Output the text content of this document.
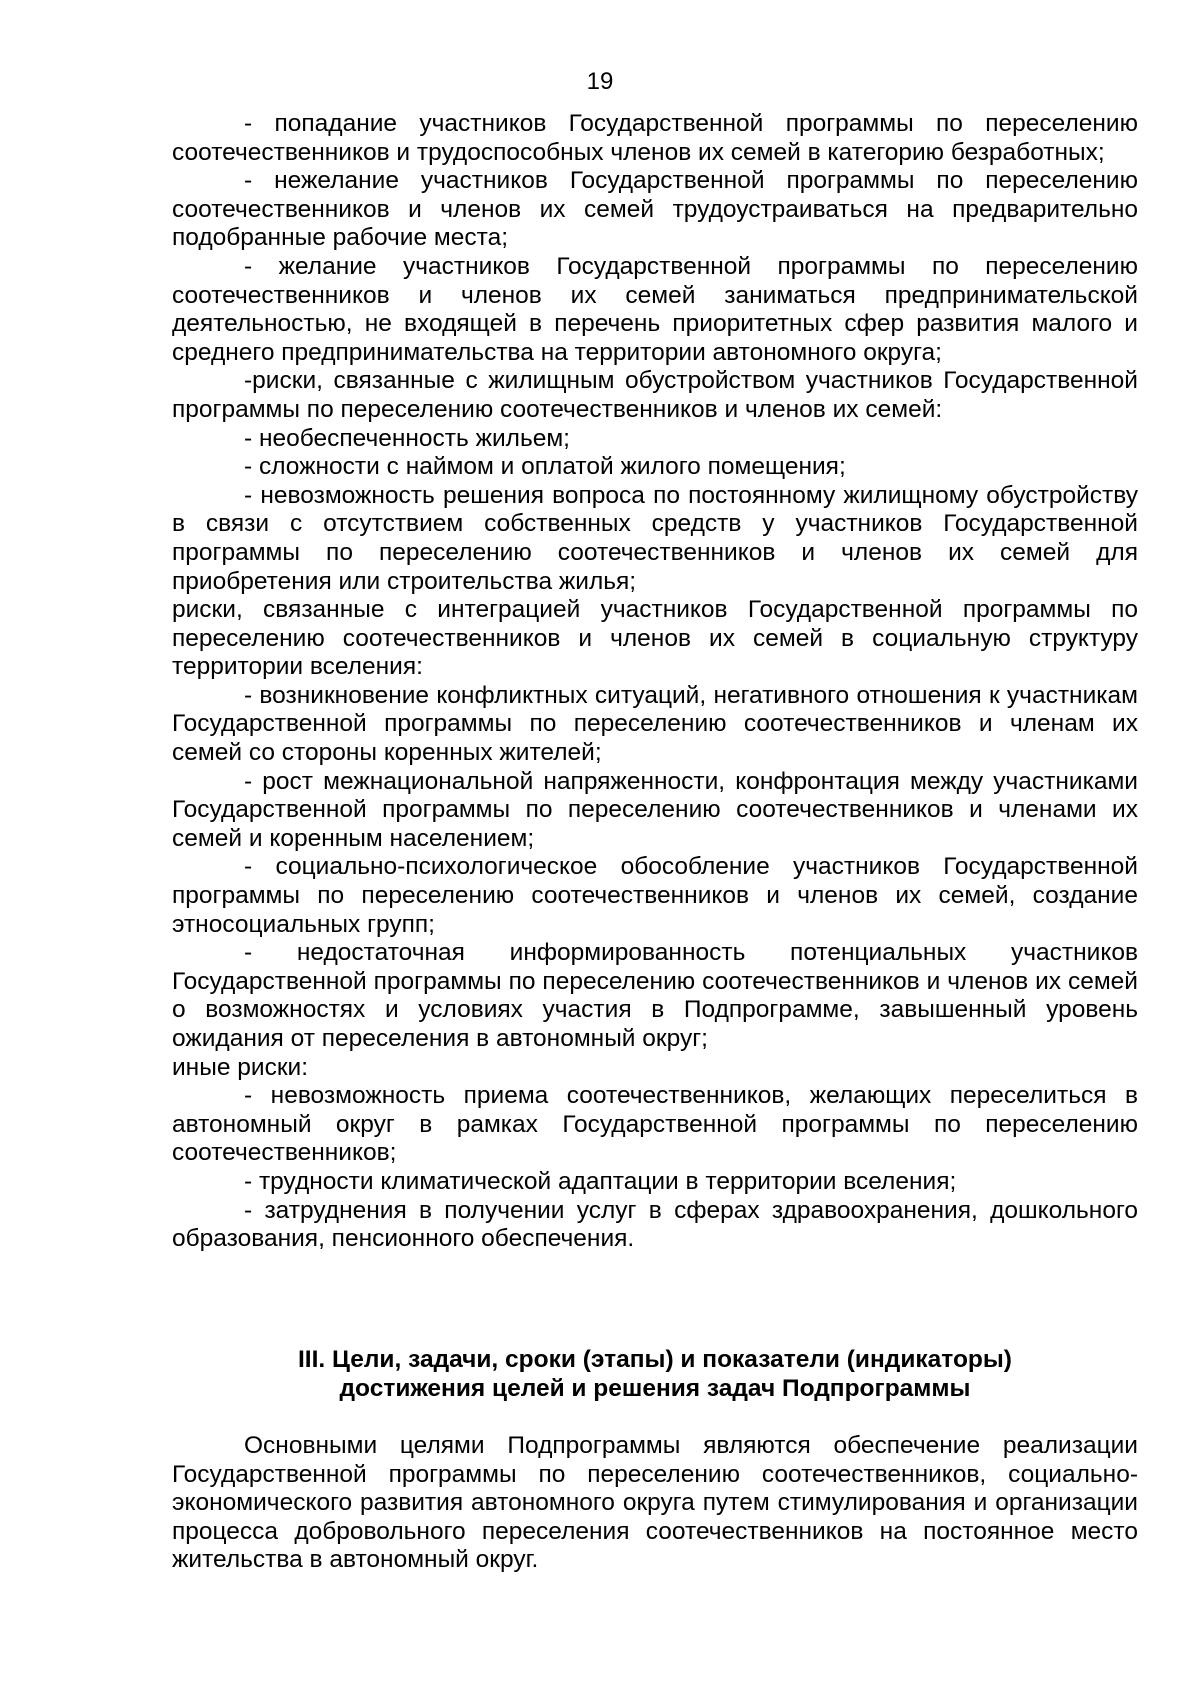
19

- попадание участников Государственной программы по переселению соотечественников и трудоспособных членов их семей в категорию безработных;

- нежелание участников Государственной программы по переселению соотечественников и членов их семей трудоустраиваться на предварительно подобранные рабочие места;

- желание участников Государственной программы по переселению соотечественников и членов их семей заниматься предпринимательской деятельностью, не входящей в перечень приоритетных сфер развития малого и среднего предпринимательства на территории автономного округа;

-риски, связанные с жилищным обустройством участников Государственной программы по переселению соотечественников и членов их семей:

- необеспеченность жильем;

- сложности с наймом и оплатой жилого помещения;

- невозможность решения вопроса по постоянному жилищному обустройству в связи с отсутствием собственных средств у участников Государственной программы по переселению соотечественников и членов их семей для приобретения или строительства жилья;

риски, связанные с интеграцией участников Государственной программы по переселению соотечественников и членов их семей в социальную структуру территории вселения:

- возникновение конфликтных ситуаций, негативного отношения к участникам Государственной программы по переселению соотечественников и членам их семей со стороны коренных жителей;

- рост межнациональной напряженности, конфронтация между участниками Государственной программы по переселению соотечественников и членами их семей и коренным населением;

- социально-психологическое обособление участников Государственной программы по переселению соотечественников и членов их семей, создание этносоциальных групп;

- недостаточная информированность потенциальных участников Государственной программы по переселению соотечественников и членов их семей о возможностях и условиях участия в Подпрограмме, завышенный уровень ожидания от переселения в автономный округ;

иные риски:

- невозможность приема соотечественников, желающих переселиться в автономный округ в рамках Государственной программы по переселению соотечественников;

- трудности климатической адаптации в территории вселения;

- затруднения в получении услуг в сферах здравоохранения, дошкольного образования, пенсионного обеспечения.

III. Цели, задачи, сроки (этапы) и показатели (индикаторы)
достижения целей и решения задач Подпрограммы

Основными целями Подпрограммы являются обеспечение реализации Государственной программы по переселению соотечественников, социально-экономического развития автономного округа путем стимулирования и организации процесса добровольного переселения соотечественников на постоянное место жительства в автономный округ.
